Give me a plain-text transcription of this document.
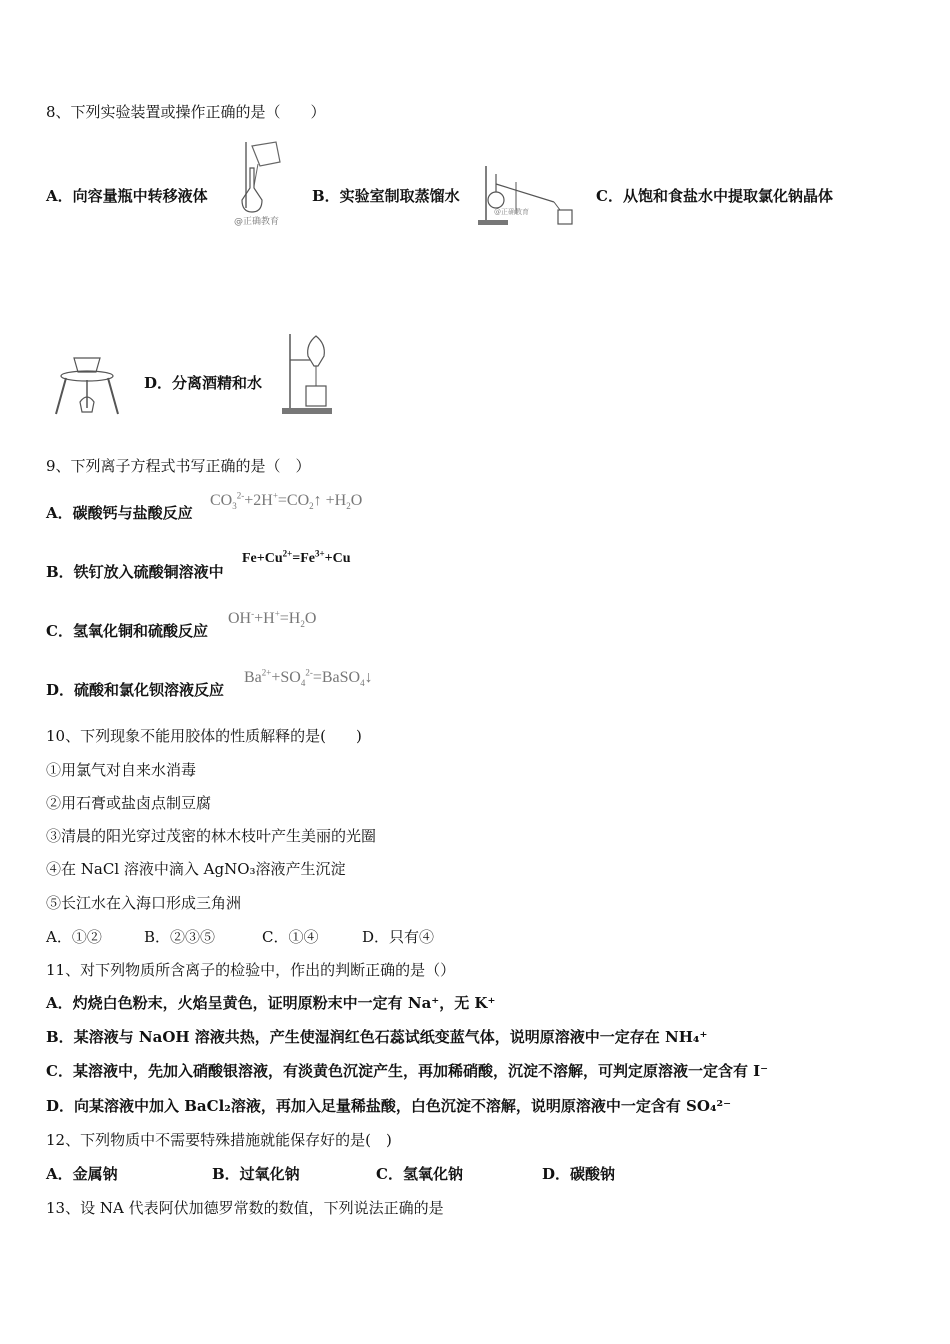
8、下列实验装置或操作正确的是（　　）
A．向容量瓶中转移液体
@正确教育
B．实验室制取蒸馏水
@正确教育
C．从饱和食盐水中提取氯化钠晶体
D．分离酒精和水
9、下列离子方程式书写正确的是（　）
A．碳酸钙与盐酸反应
$CO_3^{2-}+2H^+=CO_2↑ +H_2O$
B．铁钉放入硫酸铜溶液中
$Fe+Cu^{2+}=Fe^{3+}+Cu$
C．氢氧化铜和硫酸反应
$OH^-+H^+=H_2O$
D．硫酸和氯化钡溶液反应
$Ba^{2+}+SO_4^{2-}=BaSO_4↓$
10、下列现象不能用胶体的性质解释的是(　　)
①用氯气对自来水消毒
②用石膏或盐卤点制豆腐
③清晨的阳光穿过茂密的林木枝叶产生美丽的光圈
④在 NaCl 溶液中滴入 AgNO₃溶液产生沉淀
⑤长江水在入海口形成三角洲
A．①②	B．②③⑤	C．①④	D．只有④
11、对下列物质所含离子的检验中，作出的判断正确的是（）
A．灼烧白色粉末，火焰呈黄色，证明原粉末中一定有 Na⁺，无 K⁺
B．某溶液与 NaOH 溶液共热，产生使湿润红色石蕊试纸变蓝气体，说明原溶液中一定存在 NH₄⁺
C．某溶液中，先加入硝酸银溶液，有淡黄色沉淀产生，再加稀硝酸，沉淀不溶解，可判定原溶液一定含有 I⁻
D．向某溶液中加入 BaCl₂溶液，再加入足量稀盐酸，白色沉淀不溶解，说明原溶液中一定含有 SO₄²⁻
12、下列物质中不需要特殊措施就能保存好的是(　)
A．金属钠	B．过氧化钠	C．氢氧化钠	D．碳酸钠
13、设 NA 代表阿伏加德罗常数的数值，下列说法正确的是
